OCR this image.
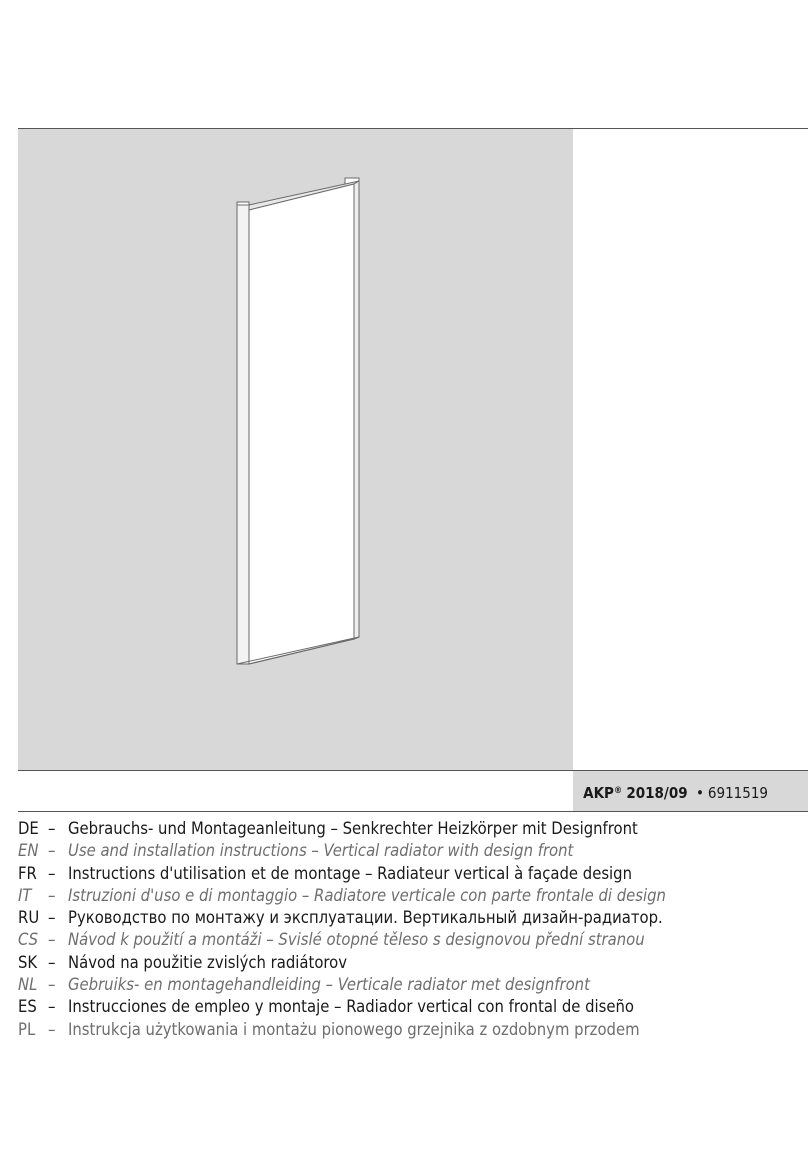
AKP® 2018/09 • 6911519
DE – Gebrauchs- und Montageanleitung – Senkrechter Heizkörper mit Designfront
EN – Use and installation instructions – Vertical radiator with design front
FR – Instructions d'utilisation et de montage – Radiateur vertical à façade design
IT – Istruzioni d'uso e di montaggio – Radiatore verticale con parte frontale di design
RU – Руководство по монтажу и эксплуатации. Вертикальный дизайн-радиатор.
CS – Návod k použití a montáži – Svislé otopné těleso s designovou přední stranou
SK – Návod na použitie zvislých radiátorov
NL – Gebruiks- en montagehandleiding – Verticale radiator met designfront
ES – Instrucciones de empleo y montaje – Radiador vertical con frontal de diseño
PL – Instrukcja użytkowania i montażu pionowego grzejnika z ozdobnym przodem
